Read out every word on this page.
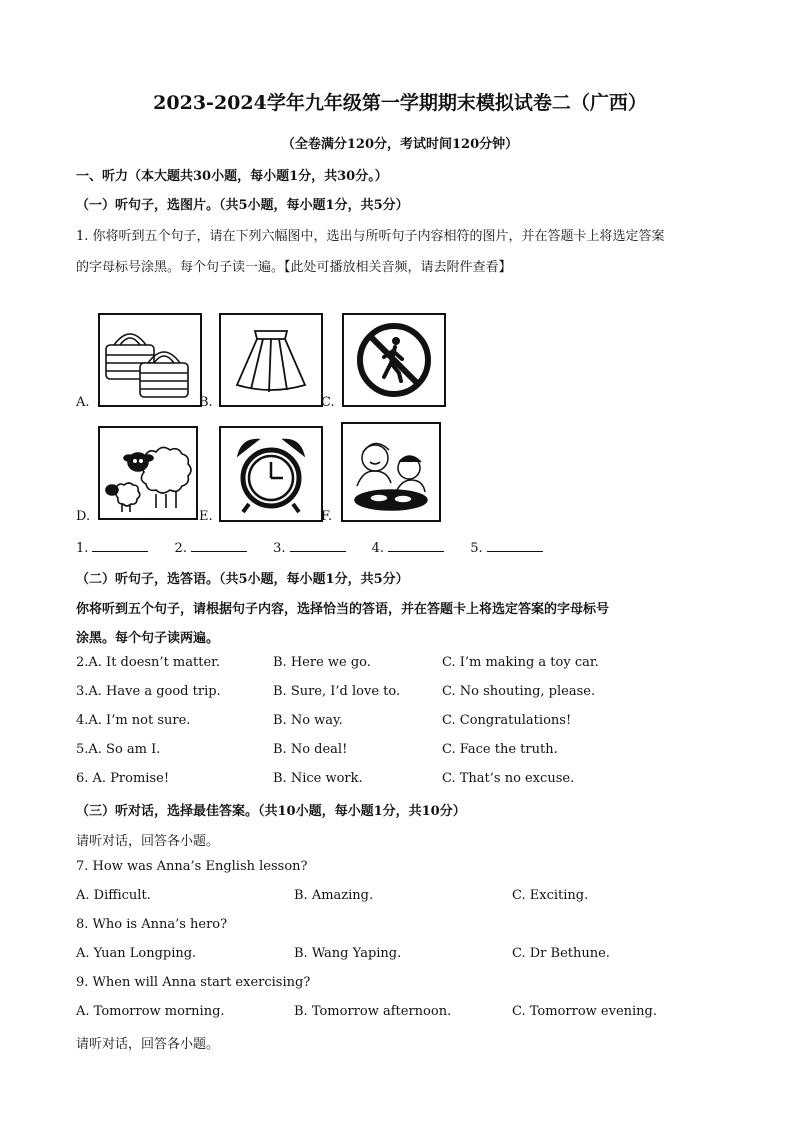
2023-2024学年九年级第一学期期末模拟试卷二（广西）
（全卷满分120分，考试时间120分钟）
一、听力（本大题共30小题，每小题1分，共30分。）
（一）听句子，选图片。（共5小题，每小题1分，共5分）
1. 你将听到五个句子，请在下列六幅图中，选出与所听句子内容相符的图片，并在答题卡上将选定答案
的字母标号涂黑。每个句子读一遍。【此处可播放相关音频，请去附件查看】
A.	B.	C.
D.	_	E.	F.
1.	2.	3.	4.	5.
（二）听句子，选答语。（共5小题，每小题1分，共5分）
你将听到五个句子，请根据句子内容，选择恰当的答语，并在答题卡上将选定答案的字母标号
涂黑。每个句子读两遍。
2.A. It doesn’t matter.	B. Here we go.	C. I’m making a toy car.
3.A. Have a good trip.	B. Sure, I’d love to.	C. No shouting, please.
4.A. I’m not sure.	B. No way.	C. Congratulations!
5.A. So am I.	B. No deal!	C. Face the truth.
6. A. Promise!	B. Nice work.	C. That’s no excuse.
（三）听对话，选择最佳答案。（共10小题，每小题1分，共10分）
请听对话，回答各小题。
7. How was Anna’s English lesson?
A. Difficult.	B. Amazing.	C. Exciting.
8. Who is Anna’s hero?
A. Yuan Longping.	B. Wang Yaping.	C. Dr Bethune.
9. When will Anna start exercising?
A. Tomorrow morning.	B. Tomorrow afternoon.	C. Tomorrow evening.
请听对话，回答各小题。
